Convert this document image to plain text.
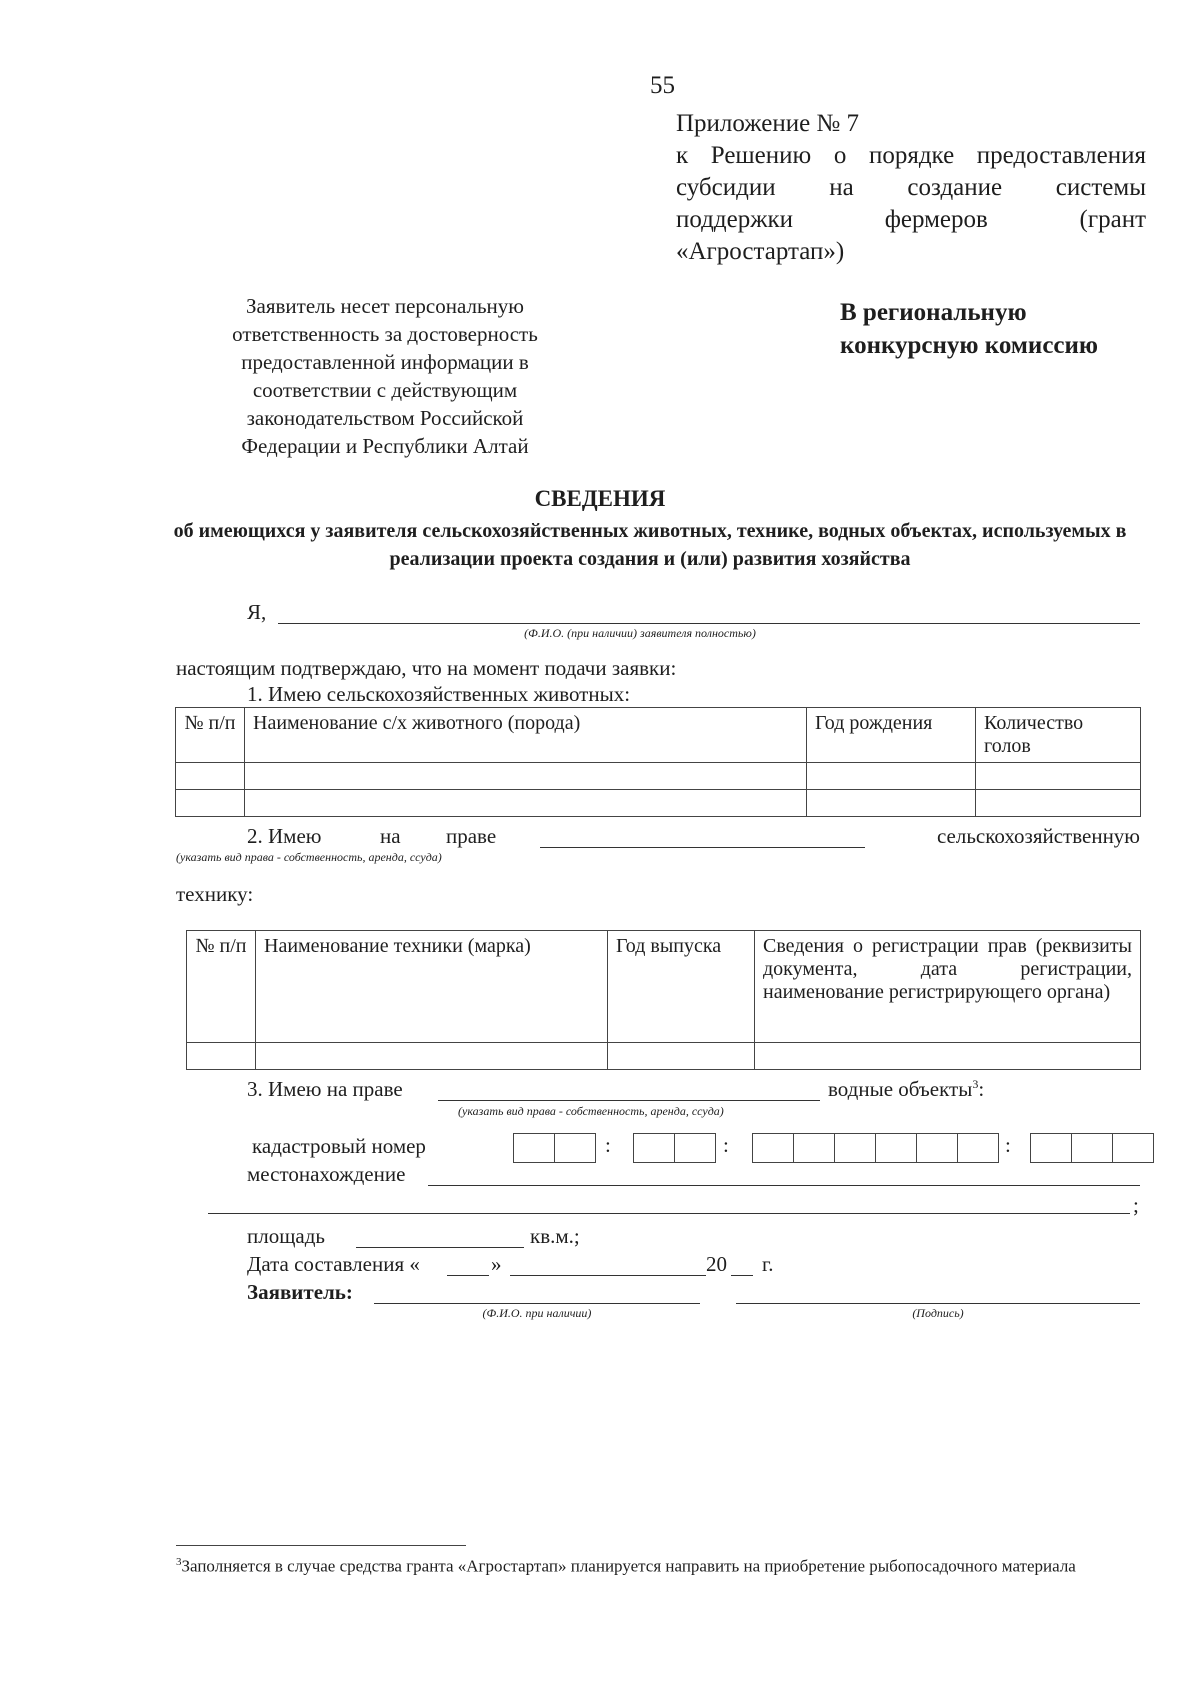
55
Приложение № 7
к Решению о порядке предоставления
субсидии на создание системы
поддержки фермеров (грант
«Агростартап»)
Заявитель несет персональную ответственность за достоверность предоставленной информации в соответствии с действующим законодательством Российской Федерации и Республики Алтай
В региональную конкурсную комиссию
СВЕДЕНИЯ
об имеющихся у заявителя сельскохозяйственных животных, технике, водных объектах, используемых в реализации проекта создания и (или) развития хозяйства
Я,
(Ф.И.О. (при наличии) заявителя полностью)
настоящим подтверждаю, что на момент подачи заявки:
1. Имею сельскохозяйственных животных:
№ п/п	Наименование с/х животного (порода)	Год рождения	Количество голов

2. Имею	на праве	сельскохозяйственную
(указать вид права - собственность, аренда, ссуда)
технику:
№ п/п	Наименование техники (марка)	Год выпуска	Сведения о регистрации прав (реквизиты документа, дата регистрации, наименование регистрирующего органа)

3. Имею на праве	водные объекты$^3$:
(указать вид права - собственность, аренда, ссуда)
кадастровый номер	:	:	:
местонахождение
;
площадь	кв.м.;
Дата составления «	»	20 г.
Заявитель:
(Ф.И.О. при наличии)	(Подпись)
$^3$Заполняется в случае средства гранта «Агростартап» планируется направить на приобретение рыбопосадочного материала
